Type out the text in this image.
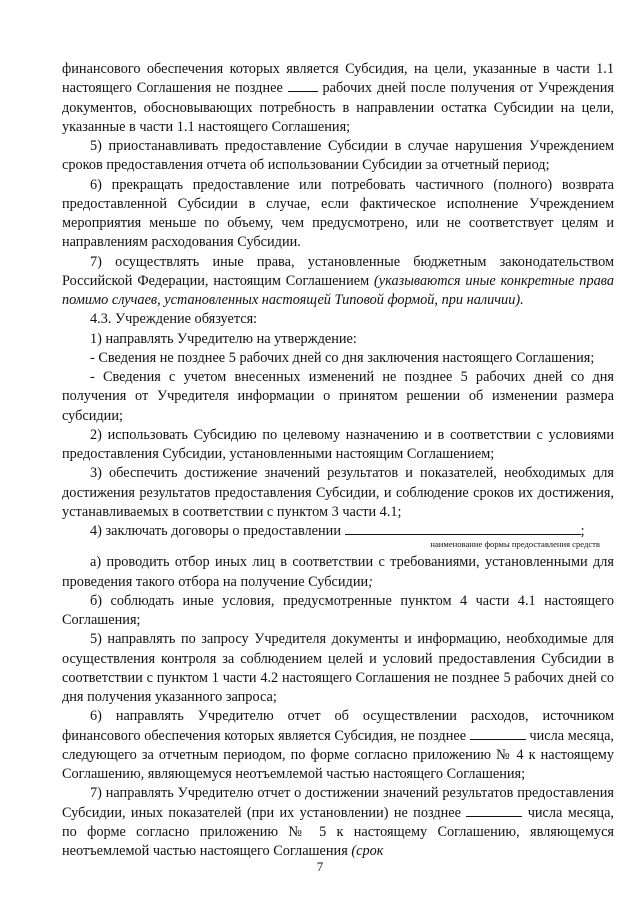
финансового обеспечения которых является Субсидия, на цели, указанные в части 1.1 настоящего Соглашения не позднее  рабочих дней после получения от Учреждения документов, обосновывающих потребность в направлении остатка Субсидии на цели, указанные в части 1.1 настоящего Соглашения;

5) приостанавливать предоставление Субсидии в случае нарушения Учреждением сроков предоставления отчета об использовании Субсидии за отчетный период;

6) прекращать предоставление или потребовать частичного (полного) возврата предоставленной Субсидии в случае, если фактическое исполнение Учреждением мероприятия меньше по объему, чем предусмотрено, или не соответствует целям и направлениям расходования Субсидии.

7) осуществлять иные права, установленные бюджетным законодательством Российской Федерации, настоящим Соглашением (указываются иные конкретные права помимо случаев, установленных настоящей Типовой формой, при наличии).

4.3. Учреждение обязуется:

1) направлять Учредителю на утверждение:

- Сведения не позднее 5 рабочих дней со дня заключения настоящего Соглашения;

- Сведения с учетом внесенных изменений не позднее 5 рабочих дней со дня получения от Учредителя информации о принятом решении об изменении размера субсидии;

2) использовать Субсидию по целевому назначению и в соответствии с условиями предоставления Субсидии, установленными настоящим Соглашением;

3) обеспечить достижение значений результатов и показателей, необходимых для достижения результатов предоставления Субсидии, и соблюдение сроков их достижения, устанавливаемых в соответствии с пунктом 3 части 4.1;

4) заключать договоры о предоставлении	;

наименование формы предоставления средств

а) проводить отбор иных лиц в соответствии с требованиями, установленными для проведения такого отбора на получение Субсидии;

б) соблюдать иные условия, предусмотренные пунктом 4 части 4.1 настоящего Соглашения;

5) направлять по запросу Учредителя документы и информацию, необходимые для осуществления контроля за соблюдением целей и условий предоставления Субсидии в соответствии с пунктом 1 части 4.2 настоящего Соглашения не позднее 5 рабочих дней со дня получения указанного запроса;

6) направлять Учредителю отчет об осуществлении расходов, источником финансового обеспечения которых является Субсидия, не позднее	числа месяца, следующего за отчетным периодом, по форме согласно приложению № 4 к настоящему Соглашению, являющемуся неотъемлемой частью настоящего Соглашения;

7) направлять Учредителю отчет о достижении значений результатов предоставления Субсидии, иных показателей (при их установлении) не позднее	числа месяца, по форме согласно приложению № 5 к настоящему Соглашению, являющемуся неотъемлемой частью настоящего Соглашения (срок

7
